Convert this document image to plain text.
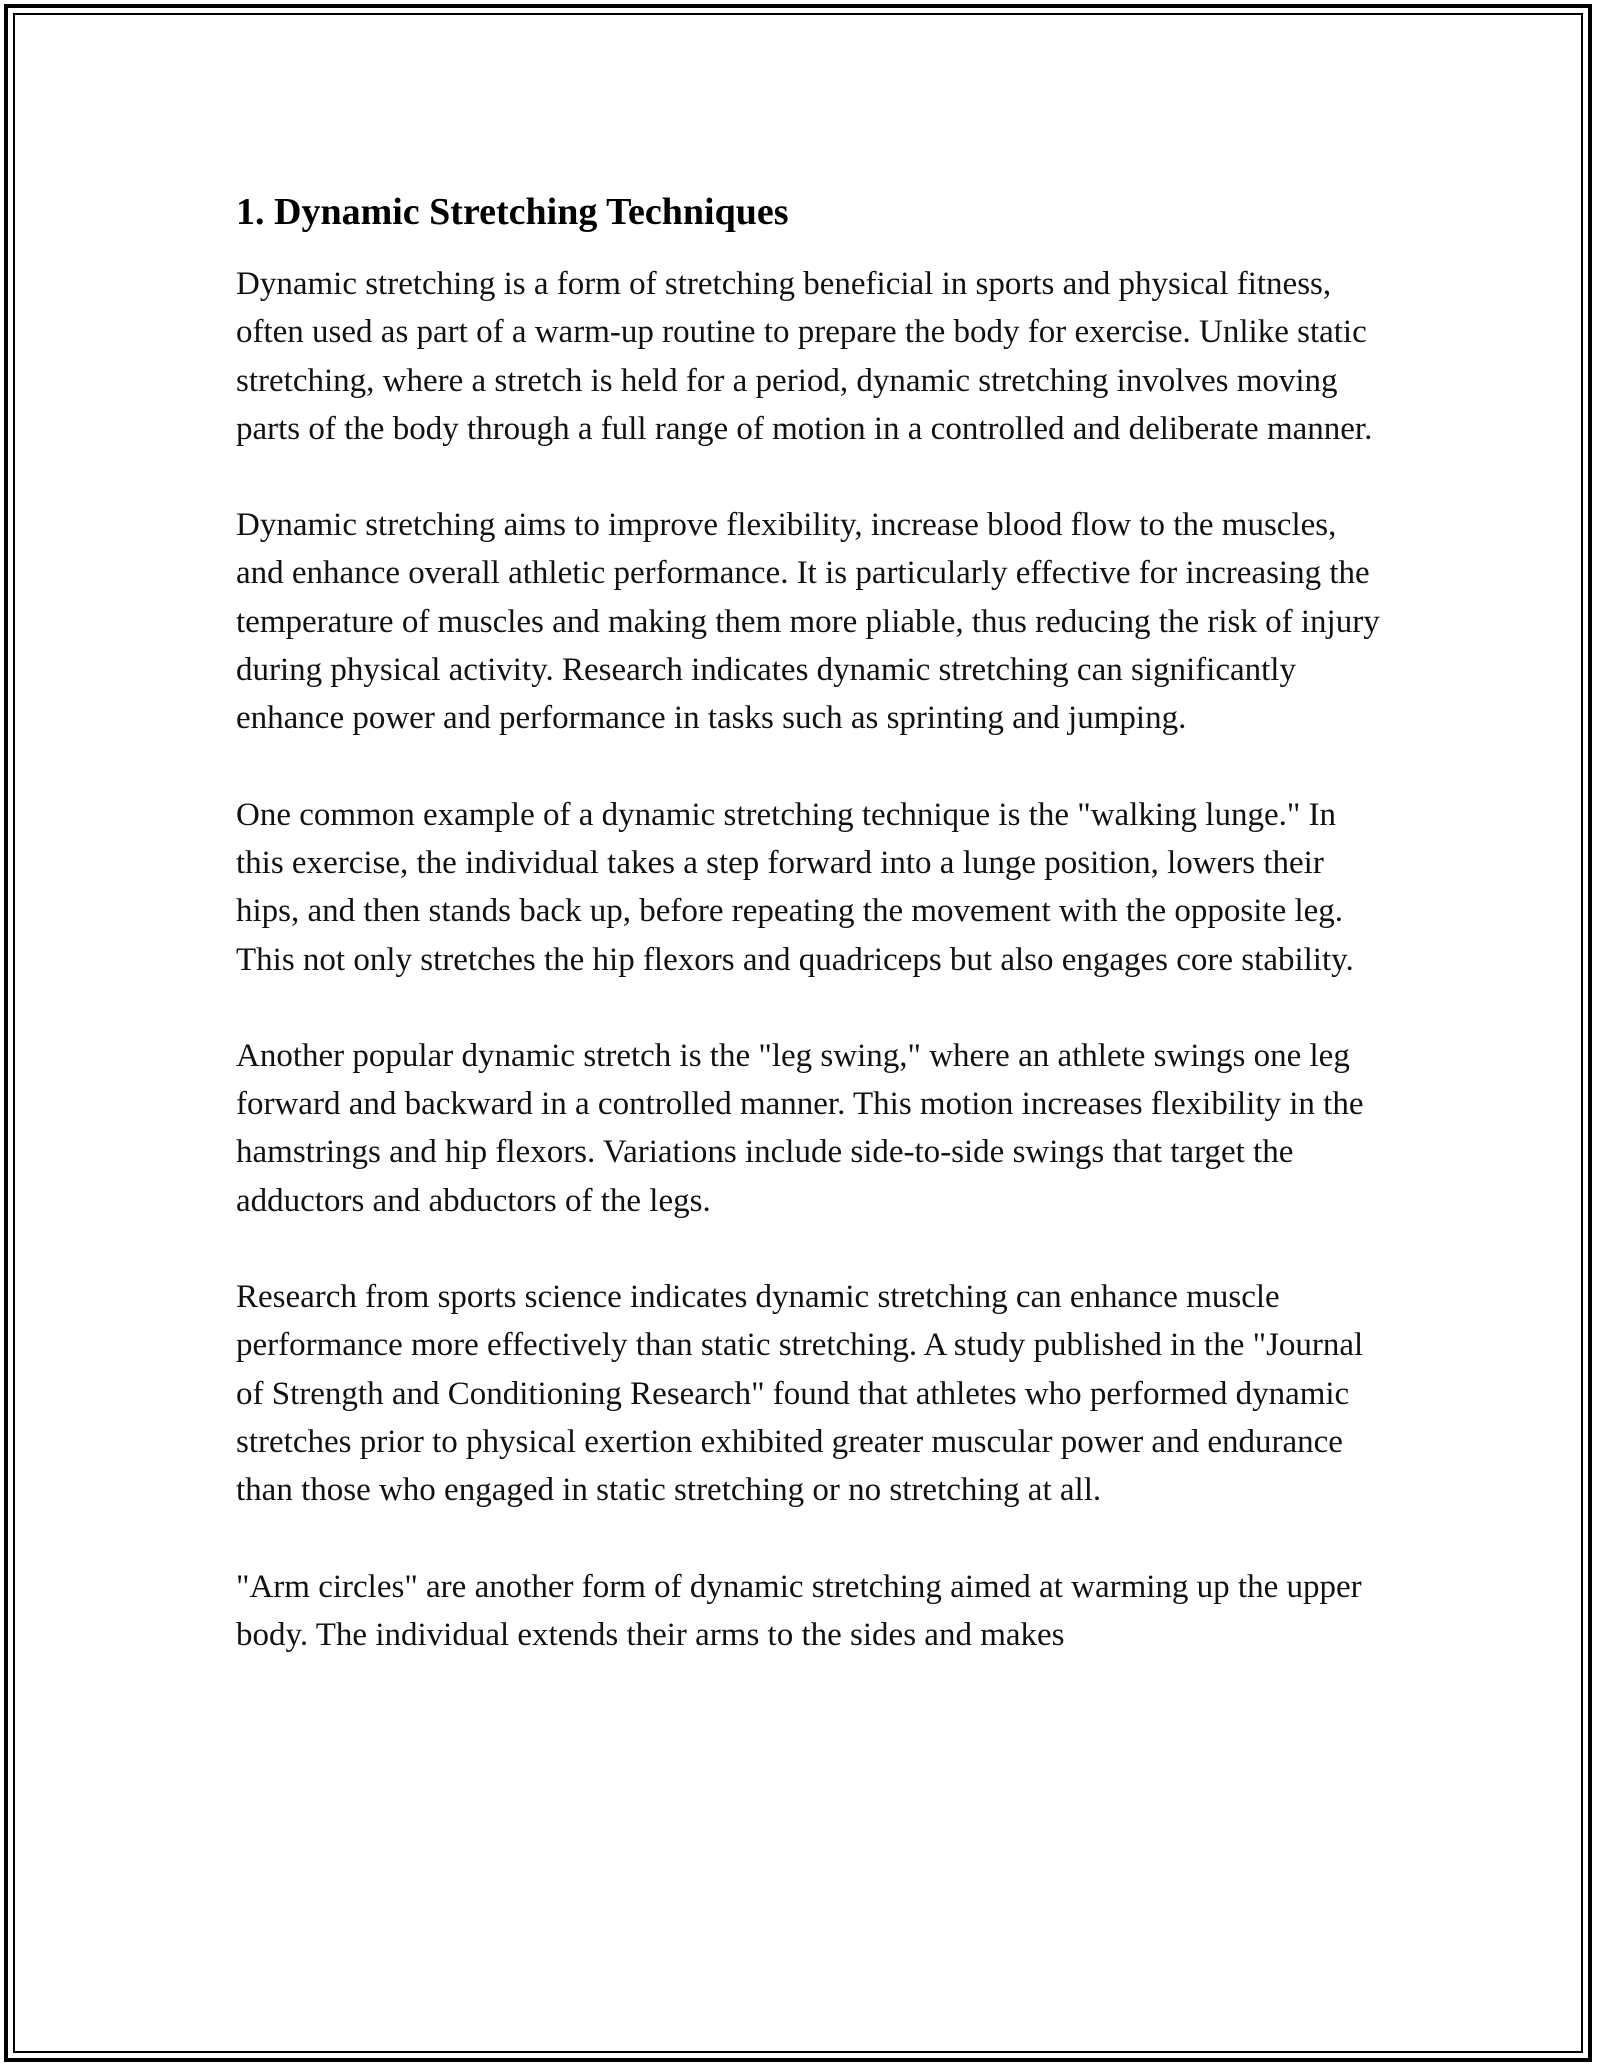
1. Dynamic Stretching Techniques

Dynamic stretching is a form of stretching beneficial in sports and physical fitness, often used as part of a warm-up routine to prepare the body for exercise. Unlike static stretching, where a stretch is held for a period, dynamic stretching involves moving parts of the body through a full range of motion in a controlled and deliberate manner.

Dynamic stretching aims to improve flexibility, increase blood flow to the muscles, and enhance overall athletic performance. It is particularly effective for increasing the temperature of muscles and making them more pliable, thus reducing the risk of injury during physical activity. Research indicates dynamic stretching can significantly enhance power and performance in tasks such as sprinting and jumping.

One common example of a dynamic stretching technique is the "walking lunge." In this exercise, the individual takes a step forward into a lunge position, lowers their hips, and then stands back up, before repeating the movement with the opposite leg. This not only stretches the hip flexors and quadriceps but also engages core stability.

Another popular dynamic stretch is the "leg swing," where an athlete swings one leg forward and backward in a controlled manner. This motion increases flexibility in the hamstrings and hip flexors. Variations include side-to-side swings that target the adductors and abductors of the legs.

Research from sports science indicates dynamic stretching can enhance muscle performance more effectively than static stretching. A study published in the "Journal of Strength and Conditioning Research" found that athletes who performed dynamic stretches prior to physical exertion exhibited greater muscular power and endurance than those who engaged in static stretching or no stretching at all.

"Arm circles" are another form of dynamic stretching aimed at warming up the upper body. The individual extends their arms to the sides and makes
